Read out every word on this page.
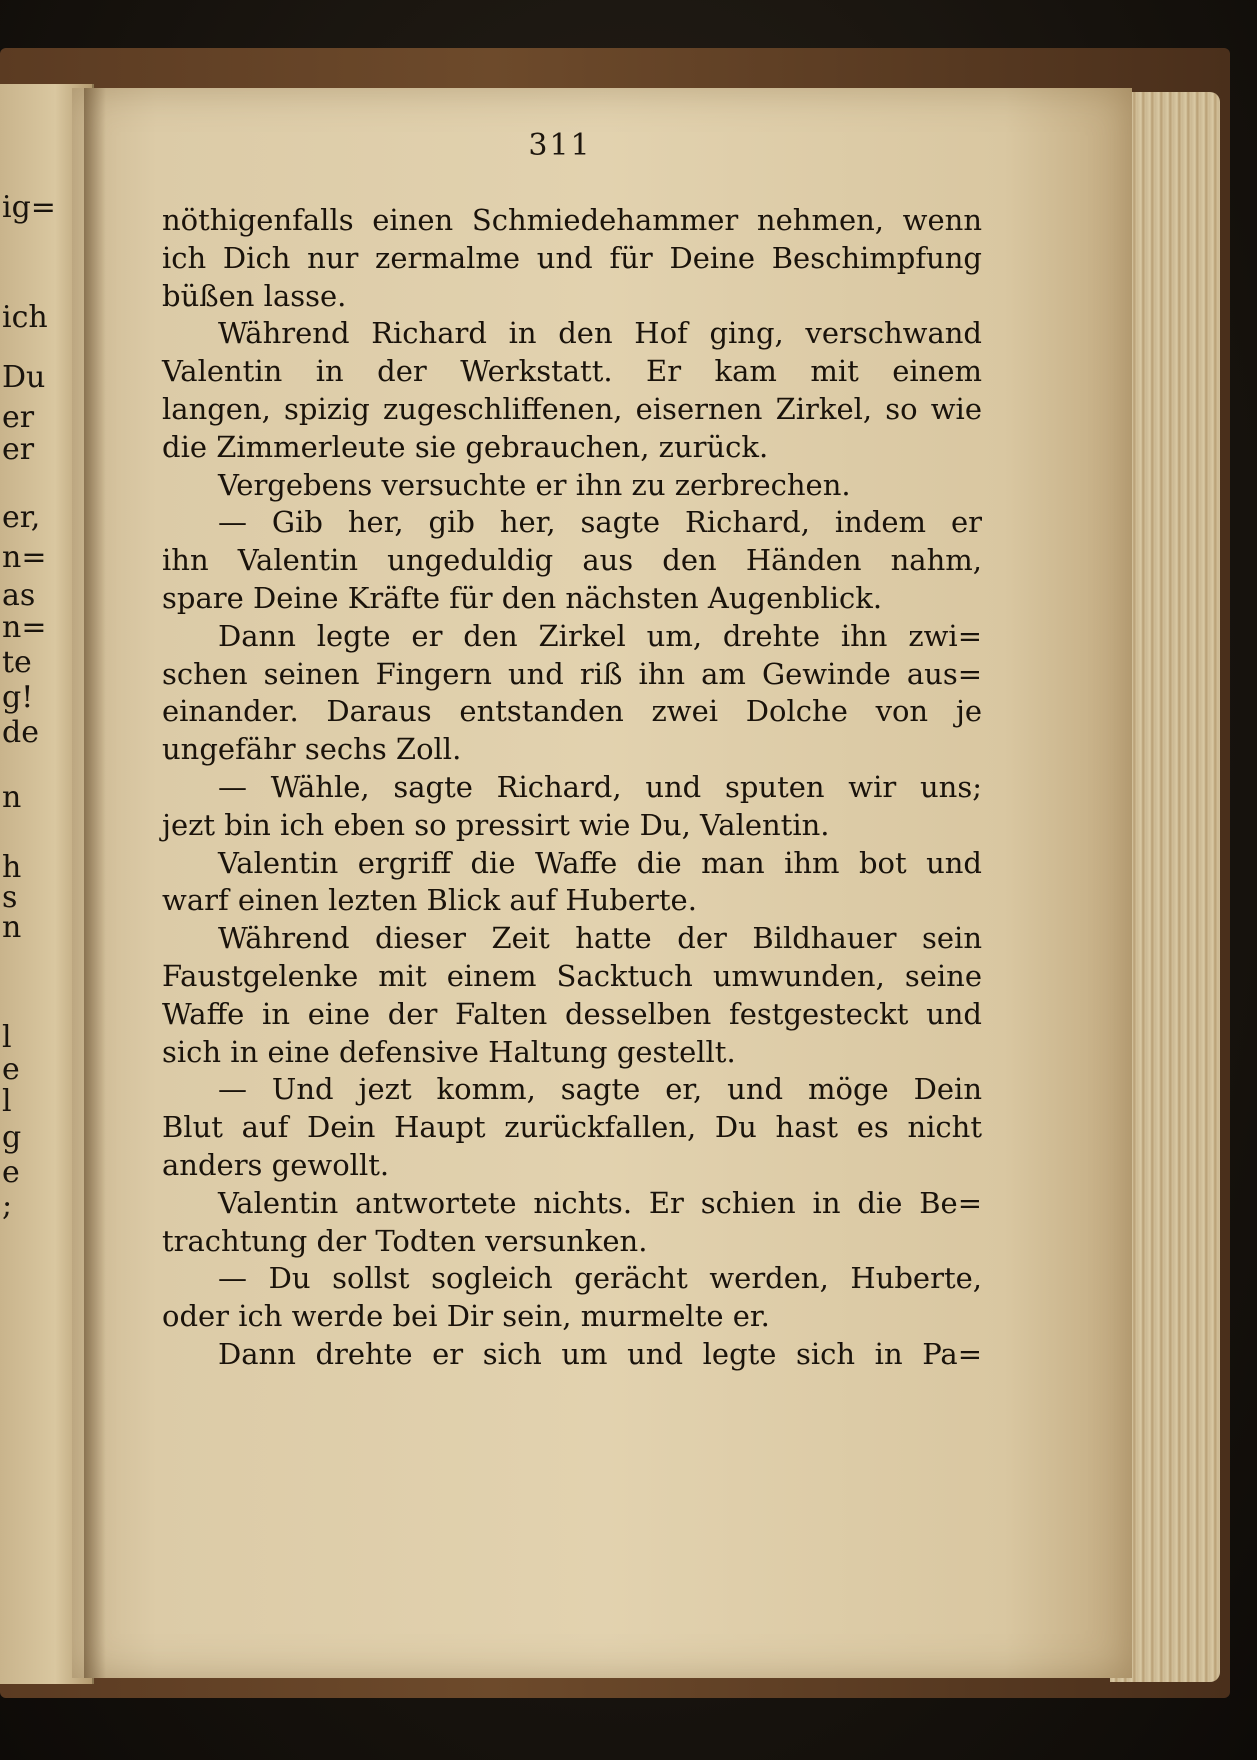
ig=
ich
Du
er
er
er,
n=
as
n=
te
g!
de
n
h
s
n
l
e
l
g
e
;
311
nöthigenfalls einen Schmiedehammer nehmen, wenn
ich Dich nur zermalme und für Deine Beschimpfung
büßen lasse.
Während Richard in den Hof ging, verschwand
Valentin in der Werkstatt. Er kam mit einem
langen, spizig zugeschliffenen, eisernen Zirkel, so wie
die Zimmerleute sie gebrauchen, zurück.
Vergebens versuchte er ihn zu zerbrechen.
— Gib her, gib her, sagte Richard, indem er
ihn Valentin ungeduldig aus den Händen nahm,
spare Deine Kräfte für den nächsten Augenblick.
Dann legte er den Zirkel um, drehte ihn zwi=
schen seinen Fingern und riß ihn am Gewinde aus=
einander. Daraus entstanden zwei Dolche von je
ungefähr sechs Zoll.
— Wähle, sagte Richard, und sputen wir uns;
jezt bin ich eben so pressirt wie Du, Valentin.
Valentin ergriff die Waffe die man ihm bot und
warf einen lezten Blick auf Huberte.
Während dieser Zeit hatte der Bildhauer sein
Faustgelenke mit einem Sacktuch umwunden, seine
Waffe in eine der Falten desselben festgesteckt und
sich in eine defensive Haltung gestellt.
— Und jezt komm, sagte er, und möge Dein
Blut auf Dein Haupt zurückfallen, Du hast es nicht
anders gewollt.
Valentin antwortete nichts. Er schien in die Be=
trachtung der Todten versunken.
— Du sollst sogleich gerächt werden, Huberte,
oder ich werde bei Dir sein, murmelte er.
Dann drehte er sich um und legte sich in Pa=
